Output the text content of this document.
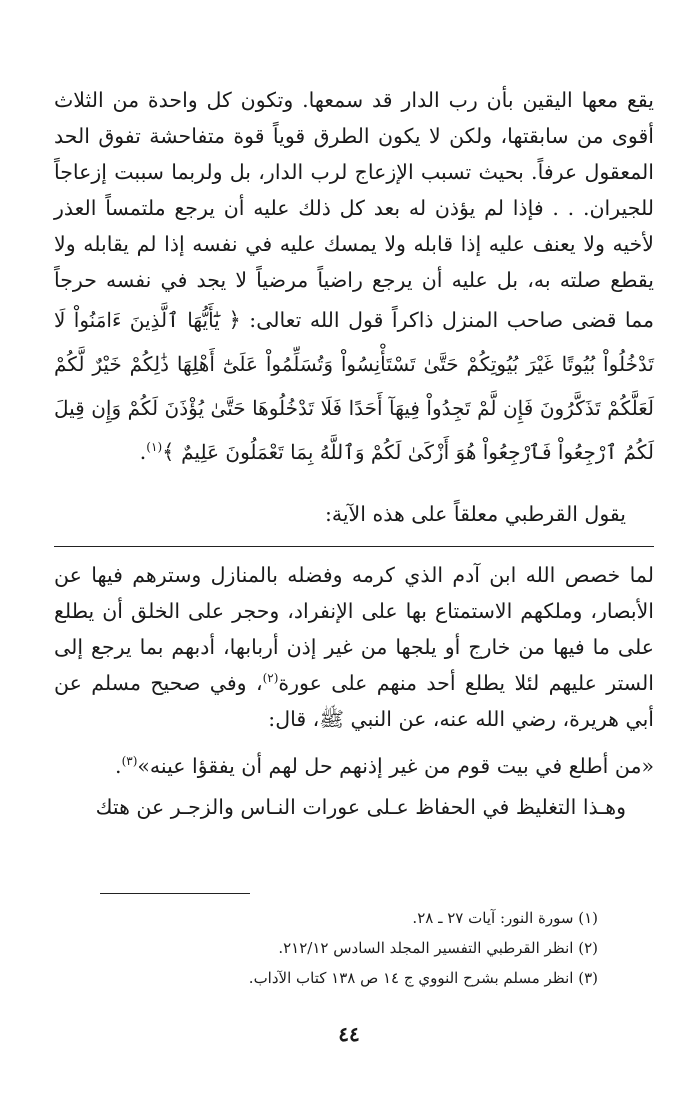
يقع معها اليقين بأن رب الدار قد سمعها. وتكون كل واحدة من الثلاث أقوى من سابقتها، ولكن لا يكون الطرق قوياً قوة متفاحشة تفوق الحد المعقول عرفاً. بحيث تسبب الإزعاج لرب الدار، بل ولربما سببت إزعاجاً للجيران. . . فإذا لم يؤذن له بعد كل ذلك عليه أن يرجع ملتمساً العذر لأخيه ولا يعنف عليه إذا قابله ولا يمسك عليه في نفسه إذا لم يقابله ولا يقطع صلته به، بل عليه أن يرجع راضياً مرضياً لا يجد في نفسه حرجاً مما قضى صاحب المنزل ذاكراً قول الله تعالى: ﴿ يَٰٓأَيُّهَا ٱلَّذِينَ ءَامَنُواْ لَا تَدْخُلُواْ بُيُوتًا غَيْرَ بُيُوتِكُمْ حَتَّىٰ تَسْتَأْنِسُواْ وَتُسَلِّمُواْ عَلَىٰٓ أَهْلِهَا ذَٰلِكُمْ خَيْرٌ لَّكُمْ لَعَلَّكُمْ تَذَكَّرُونَ فَإِن لَّمْ تَجِدُواْ فِيهَآ أَحَدًا فَلَا تَدْخُلُوهَا حَتَّىٰ يُؤْذَنَ لَكُمْ وَإِن قِيلَ لَكُمُ ٱرْجِعُواْ فَٱرْجِعُواْ هُوَ أَزْكَىٰ لَكُمْ وَٱللَّهُ بِمَا تَعْمَلُونَ عَلِيمٌ ﴾$^{(١)}$.

يقول القرطبي معلقاً على هذه الآية:

لما خصص الله ابن آدم الذي كرمه وفضله بالمنازل وسترهم فيها عن الأبصار، وملكهم الاستمتاع بها على الإنفراد، وحجر على الخلق أن يطلع على ما فيها من خارج أو يلجها من غير إذن أربابها، أدبهم بما يرجع إلى الستر عليهم لئلا يطلع أحد منهم على عورة$^{(٢)}$، وفي صحيح مسلم عن أبي هريرة، رضي الله عنه، عن النبي ﷺ، قال:

«من أطلع في بيت قوم من غير إذنهم حل لهم أن يفقؤا عينه»$^{(٣)}$.

وهـذا التغليظ في الحفاظ عـلى عورات النـاس والزجـر عن هتك

(١) سورة النور: آيات ٢٧ ـ ٢٨.
(٢) انظر القرطبي التفسير المجلد السادس ٢١٢/١٢.
(٣) انظر مسلم بشرح النووي ج ١٤ ص ١٣٨ كتاب الآداب.
٤٤
